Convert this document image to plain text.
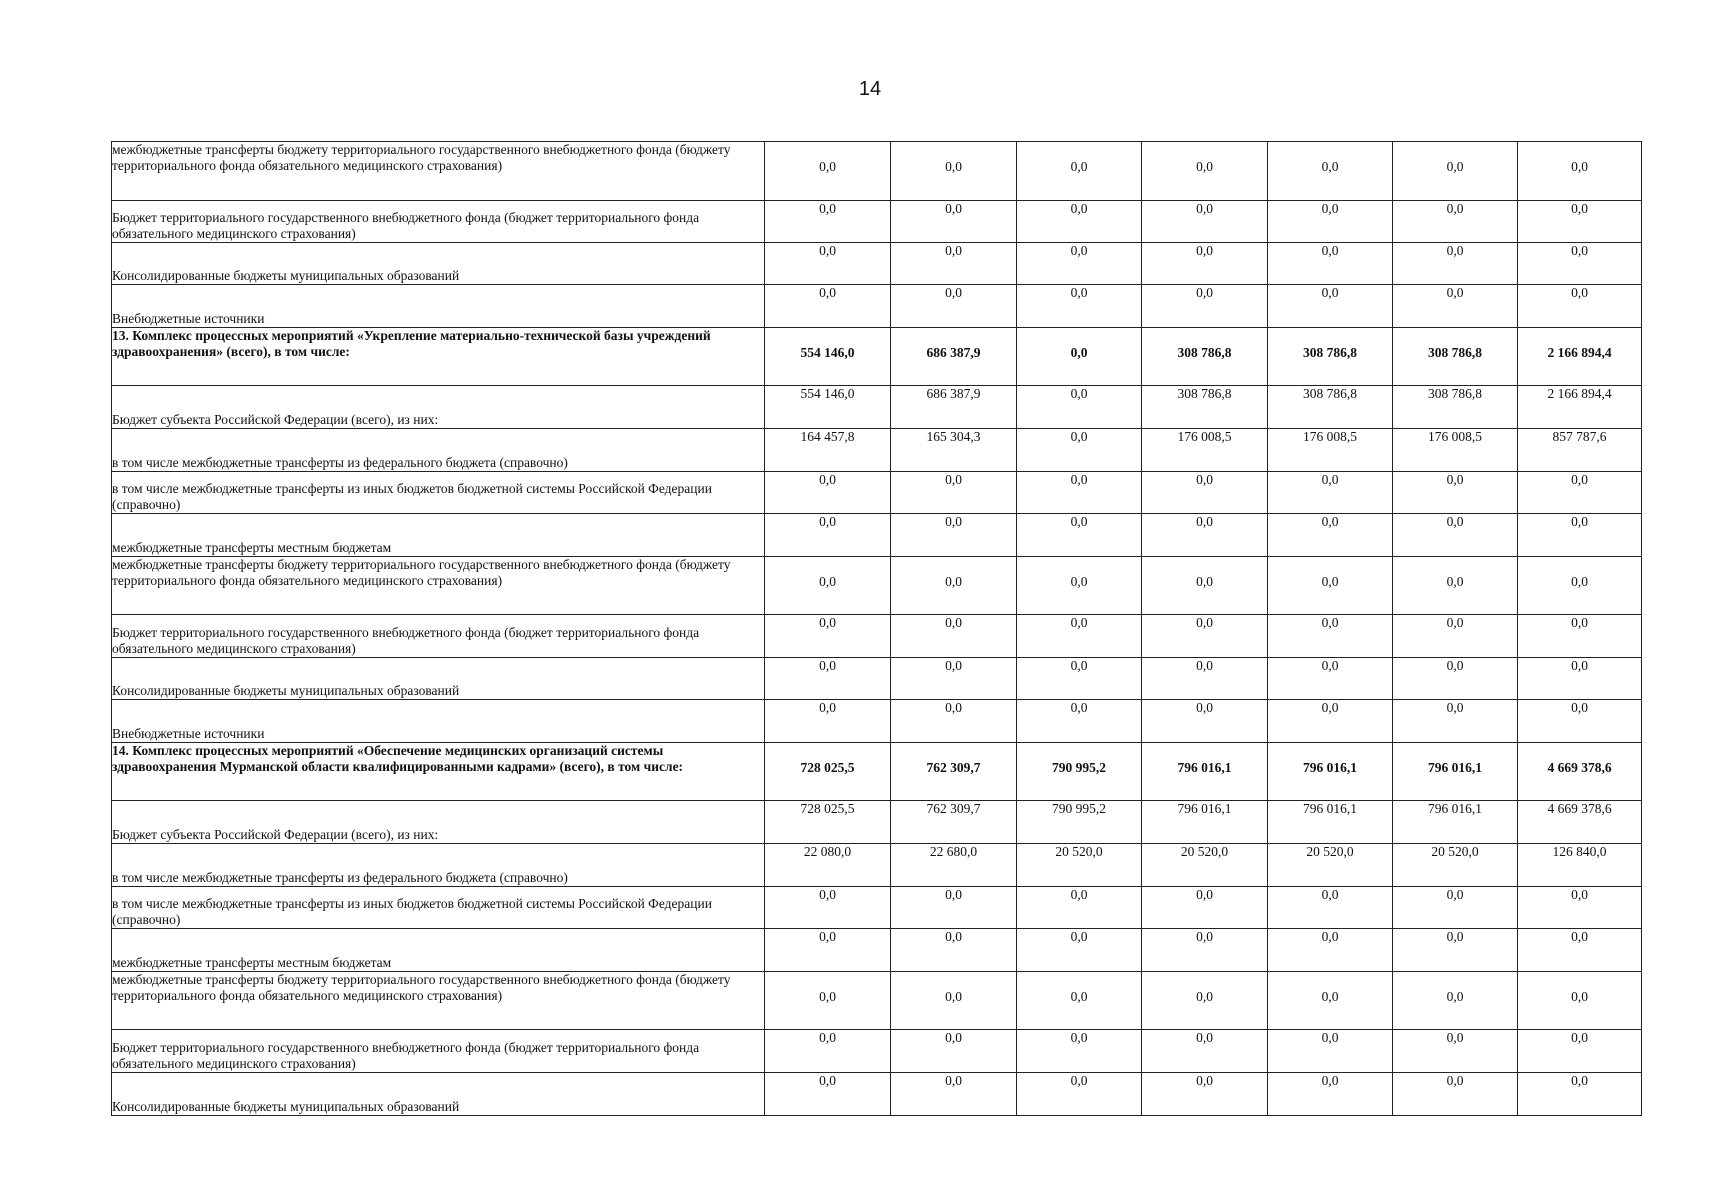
14
межбюджетные трансферты бюджету территориального государственного внебюджетного фонда (бюджету территориального фонда обязательного медицинского страхования)	0,0	0,0	0,0	0,0	0,0	0,0	0,0
Бюджет территориального государственного внебюджетного фонда (бюджет территориального фонда обязательного медицинского страхования)	0,0	0,0	0,0	0,0	0,0	0,0	0,0
Консолидированные бюджеты муниципальных образований	0,0	0,0	0,0	0,0	0,0	0,0	0,0
Внебюджетные источники	0,0	0,0	0,0	0,0	0,0	0,0	0,0
13. Комплекс процессных мероприятий «Укрепление материально-технической базы учреждений здравоохранения» (всего), в том числе:	554 146,0	686 387,9	0,0	308 786,8	308 786,8	308 786,8	2 166 894,4
Бюджет субъекта Российской Федерации (всего), из них:	554 146,0	686 387,9	0,0	308 786,8	308 786,8	308 786,8	2 166 894,4
в том числе межбюджетные трансферты из федерального бюджета (справочно)	164 457,8	165 304,3	0,0	176 008,5	176 008,5	176 008,5	857 787,6
в том числе межбюджетные трансферты из иных бюджетов бюджетной системы Российской Федерации (справочно)	0,0	0,0	0,0	0,0	0,0	0,0	0,0
межбюджетные трансферты местным бюджетам	0,0	0,0	0,0	0,0	0,0	0,0	0,0
межбюджетные трансферты бюджету территориального государственного внебюджетного фонда (бюджету территориального фонда обязательного медицинского страхования)	0,0	0,0	0,0	0,0	0,0	0,0	0,0
Бюджет территориального государственного внебюджетного фонда (бюджет территориального фонда обязательного медицинского страхования)	0,0	0,0	0,0	0,0	0,0	0,0	0,0
Консолидированные бюджеты муниципальных образований	0,0	0,0	0,0	0,0	0,0	0,0	0,0
Внебюджетные источники	0,0	0,0	0,0	0,0	0,0	0,0	0,0
14. Комплекс процессных мероприятий «Обеспечение медицинских организаций системы здравоохранения Мурманской области квалифицированными кадрами» (всего), в том числе:	728 025,5	762 309,7	790 995,2	796 016,1	796 016,1	796 016,1	4 669 378,6
Бюджет субъекта Российской Федерации (всего), из них:	728 025,5	762 309,7	790 995,2	796 016,1	796 016,1	796 016,1	4 669 378,6
в том числе межбюджетные трансферты из федерального бюджета (справочно)	22 080,0	22 680,0	20 520,0	20 520,0	20 520,0	20 520,0	126 840,0
в том числе межбюджетные трансферты из иных бюджетов бюджетной системы Российской Федерации (справочно)	0,0	0,0	0,0	0,0	0,0	0,0	0,0
межбюджетные трансферты местным бюджетам	0,0	0,0	0,0	0,0	0,0	0,0	0,0
межбюджетные трансферты бюджету территориального государственного внебюджетного фонда (бюджету территориального фонда обязательного медицинского страхования)	0,0	0,0	0,0	0,0	0,0	0,0	0,0
Бюджет территориального государственного внебюджетного фонда (бюджет территориального фонда обязательного медицинского страхования)	0,0	0,0	0,0	0,0	0,0	0,0	0,0
Консолидированные бюджеты муниципальных образований	0,0	0,0	0,0	0,0	0,0	0,0	0,0
